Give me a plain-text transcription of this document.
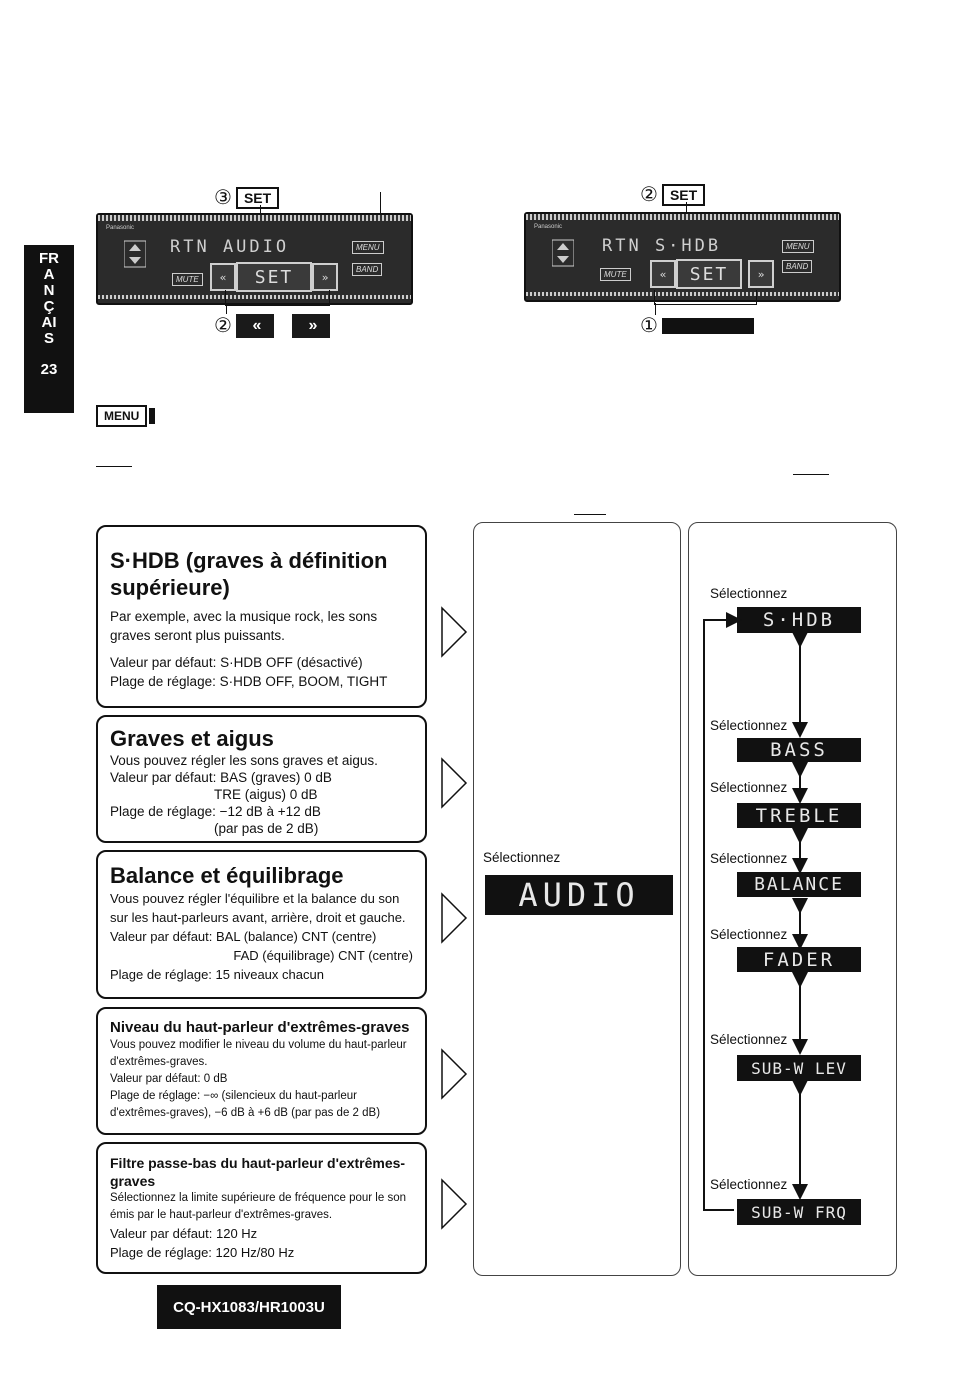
FRANÇAIS
23
③ SET
Panasonic
RTN AUDIO
MUTE	«	SET	»
MENU
BAND
②	«	»
② SET
Panasonic
RTN S·HDB
MUTE	«	SET	»
MENU
BAND
①
MENU
S·HDB (graves à définition supérieure)

Par exemple, avec la musique rock, les sons graves seront plus puissants.

Valeur par défaut: S·HDB OFF (désactivé)

Plage de réglage: S·HDB OFF, BOOM, TIGHT

Graves et aigus

Vous pouvez régler les sons graves et aigus.

Valeur par défaut: BAS (graves) 0 dB

TRE (aigus) 0 dB

Plage de réglage: −12 dB à +12 dB

(par pas de 2 dB)

Balance et équilibrage

Vous pouvez régler l'équilibre et la balance du son sur les haut-parleurs avant, arrière, droit et gauche.

Valeur par défaut: BAL (balance) CNT (centre)

FAD (équilibrage) CNT (centre)

Plage de réglage: 15 niveaux chacun

Niveau du haut-parleur d'extrêmes-graves

Vous pouvez modifier le niveau du volume du haut-parleur d'extrêmes-graves.

Valeur par défaut: 0 dB

Plage de réglage: −∞ (silencieux du haut-parleur d'extrêmes-graves), −6 dB à +6 dB (par pas de 2 dB)

Filtre passe-bas du haut-parleur d'extrêmes-graves

Sélectionnez la limite supérieure de fréquence pour le son émis par le haut-parleur d'extrêmes-graves.

Valeur par défaut: 120 Hz

Plage de réglage: 120 Hz/80 Hz

Sélectionnez
AUDIO
Sélectionnez
S·HDB
Sélectionnez
BASS
Sélectionnez
TREBLE
Sélectionnez
BALANCE
Sélectionnez
FADER
Sélectionnez
SUB-W LEV
Sélectionnez
SUB-W FRQ
CQ-HX1083/HR1003U
